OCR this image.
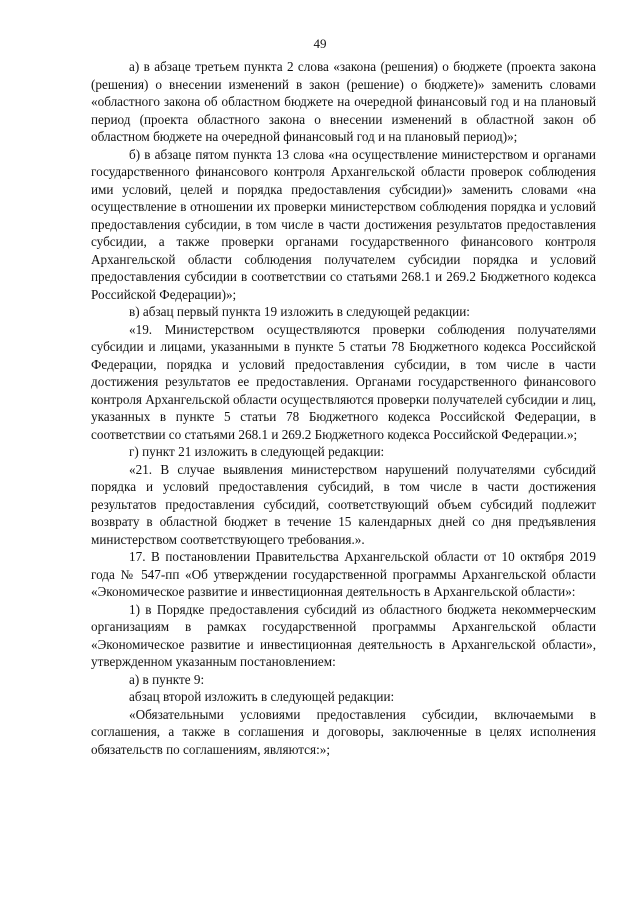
49

а) в абзаце третьем пункта 2 слова «закона (решения) о бюджете (проекта закона (решения) о внесении изменений в закон (решение) о бюджете)» заменить словами «областного закона об областном бюджете на очередной финансовый год и на плановый период (проекта областного закона о внесении изменений в областной закон об областном бюджете на очередной финансовый год и на плановый период)»;

б) в абзаце пятом пункта 13 слова «на осуществление министерством и органами государственного финансового контроля Архангельской области проверок соблюдения ими условий, целей и порядка предоставления субсидии)» заменить словами «на осуществление в отношении их проверки министерством соблюдения порядка и условий предоставления субсидии, в том числе в части достижения результатов предоставления субсидии, а также проверки органами государственного финансового контроля Архангельской области соблюдения получателем субсидии порядка и условий предоставления субсидии в соответствии со статьями 268.1 и 269.2 Бюджетного кодекса Российской Федерации)»;

в) абзац первый пункта 19 изложить в следующей редакции:

«19. Министерством осуществляются проверки соблюдения получателями субсидии и лицами, указанными в пункте 5 статьи 78 Бюджетного кодекса Российской Федерации, порядка и условий предоставления субсидии, в том числе в части достижения результатов ее предоставления. Органами государственного финансового контроля Архангельской области осуществляются проверки получателей субсидии и лиц, указанных в пункте 5 статьи 78 Бюджетного кодекса Российской Федерации, в соответствии со статьями 268.1 и 269.2 Бюджетного кодекса Российской Федерации.»;

г) пункт 21 изложить в следующей редакции:

«21. В случае выявления министерством нарушений получателями субсидий порядка и условий предоставления субсидий, в том числе в части достижения результатов предоставления субсидий, соответствующий объем субсидий подлежит возврату в областной бюджет в течение 15 календарных дней со дня предъявления министерством соответствующего требования.».

17. В постановлении Правительства Архангельской области от 10 октября 2019 года № 547-пп «Об утверждении государственной программы Архангельской области «Экономическое развитие и инвестиционная деятельность в Архангельской области»:

1) в Порядке предоставления субсидий из областного бюджета некоммерческим организациям в рамках государственной программы Архангельской области «Экономическое развитие и инвестиционная деятельность в Архангельской области», утвержденном указанным постановлением:

а) в пункте 9:

абзац второй изложить в следующей редакции:

«Обязательными условиями предоставления субсидии, включаемыми в соглашения, а также в соглашения и договоры, заключенные в целях исполнения обязательств по соглашениям, являются:»;
